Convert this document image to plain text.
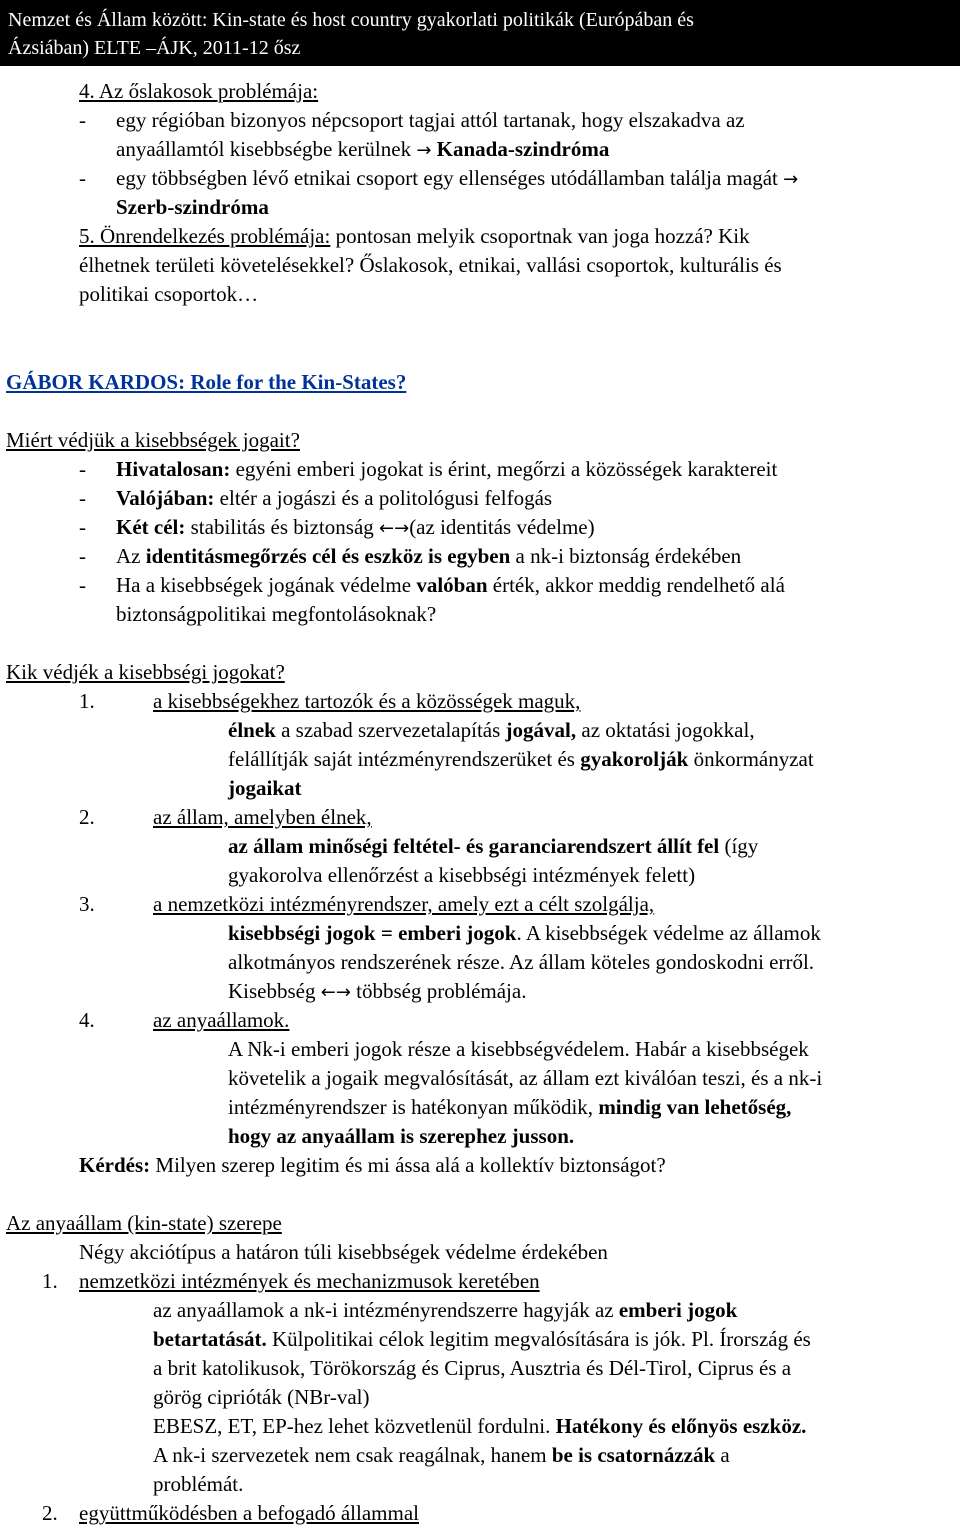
Nemzet és Állam között: Kin-state és host country gyakorlati politikák (Európában és
Ázsiában) ELTE –ÁJK, 2011-12 ősz
4. Az őslakosok problémája:
- egy régióban bizonyos népcsoport tagjai attól tartanak, hogy elszakadva az
anyaállamtól kisebbségbe kerülnek → Kanada-szindróma
- egy többségben lévő etnikai csoport egy ellenséges utódállamban találja magát →
Szerb-szindróma
5. Önrendelkezés problémája: pontosan melyik csoportnak van joga hozzá? Kik
élhetnek területi követelésekkel? Őslakosok, etnikai, vallási csoportok, kulturális és
politikai csoportok…
GÁBOR KARDOS: Role for the Kin-States?
Miért védjük a kisebbségek jogait?
- Hivatalosan: egyéni emberi jogokat is érint, megőrzi a közösségek karaktereit
- Valójában: eltér a jogászi és a politológusi felfogás
- Két cél: stabilitás és biztonság ←→(az identitás védelme)
- Az identitásmegőrzés cél és eszköz is egyben a nk-i biztonság érdekében
- Ha a kisebbségek jogának védelme valóban érték, akkor meddig rendelhető alá
biztonságpolitikai megfontolásoknak?
Kik védjék a kisebbségi jogokat?
1.	a kisebbségekhez tartozók és a közösségek maguk,
élnek a szabad szervezetalapítás jogával, az oktatási jogokkal,
felállítják saját intézményrendszerüket és gyakorolják önkormányzat
jogaikat
2.	az állam, amelyben élnek,
az állam minőségi feltétel- és garanciarendszert állít fel (így
gyakorolva ellenőrzést a kisebbségi intézmények felett)
3.	a nemzetközi intézményrendszer, amely ezt a célt szolgálja,
kisebbségi jogok = emberi jogok. A kisebbségek védelme az államok
alkotmányos rendszerének része. Az állam köteles gondoskodni erről.
Kisebbség ←→ többség problémája.
4.	az anyaállamok.
A Nk-i emberi jogok része a kisebbségvédelem. Habár a kisebbségek
követelik a jogaik megvalósítását, az állam ezt kiválóan teszi, és a nk-i
intézményrendszer is hatékonyan működik, mindig van lehetőség,
hogy az anyaállam is szerephez jusson.
Kérdés: Milyen szerep legitim és mi ássa alá a kollektív biztonságot?
Az anyaállam (kin-state) szerepe
Négy akciótípus a határon túli kisebbségek védelme érdekében
1. nemzetközi intézmények és mechanizmusok keretében
az anyaállamok a nk-i intézményrendszerre hagyják az emberi jogok
betartatását. Külpolitikai célok legitim megvalósítására is jók. Pl. Írország és
a brit katolikusok, Törökország és Ciprus, Ausztria és Dél-Tirol, Ciprus és a
görög ciprióták (NBr-val)
EBESZ, ET, EP-hez lehet közvetlenül fordulni. Hatékony és előnyös eszköz.
A nk-i szervezetek nem csak reagálnak, hanem be is csatornázzák a
problémát.
2. együttműködésben a befogadó állammal
